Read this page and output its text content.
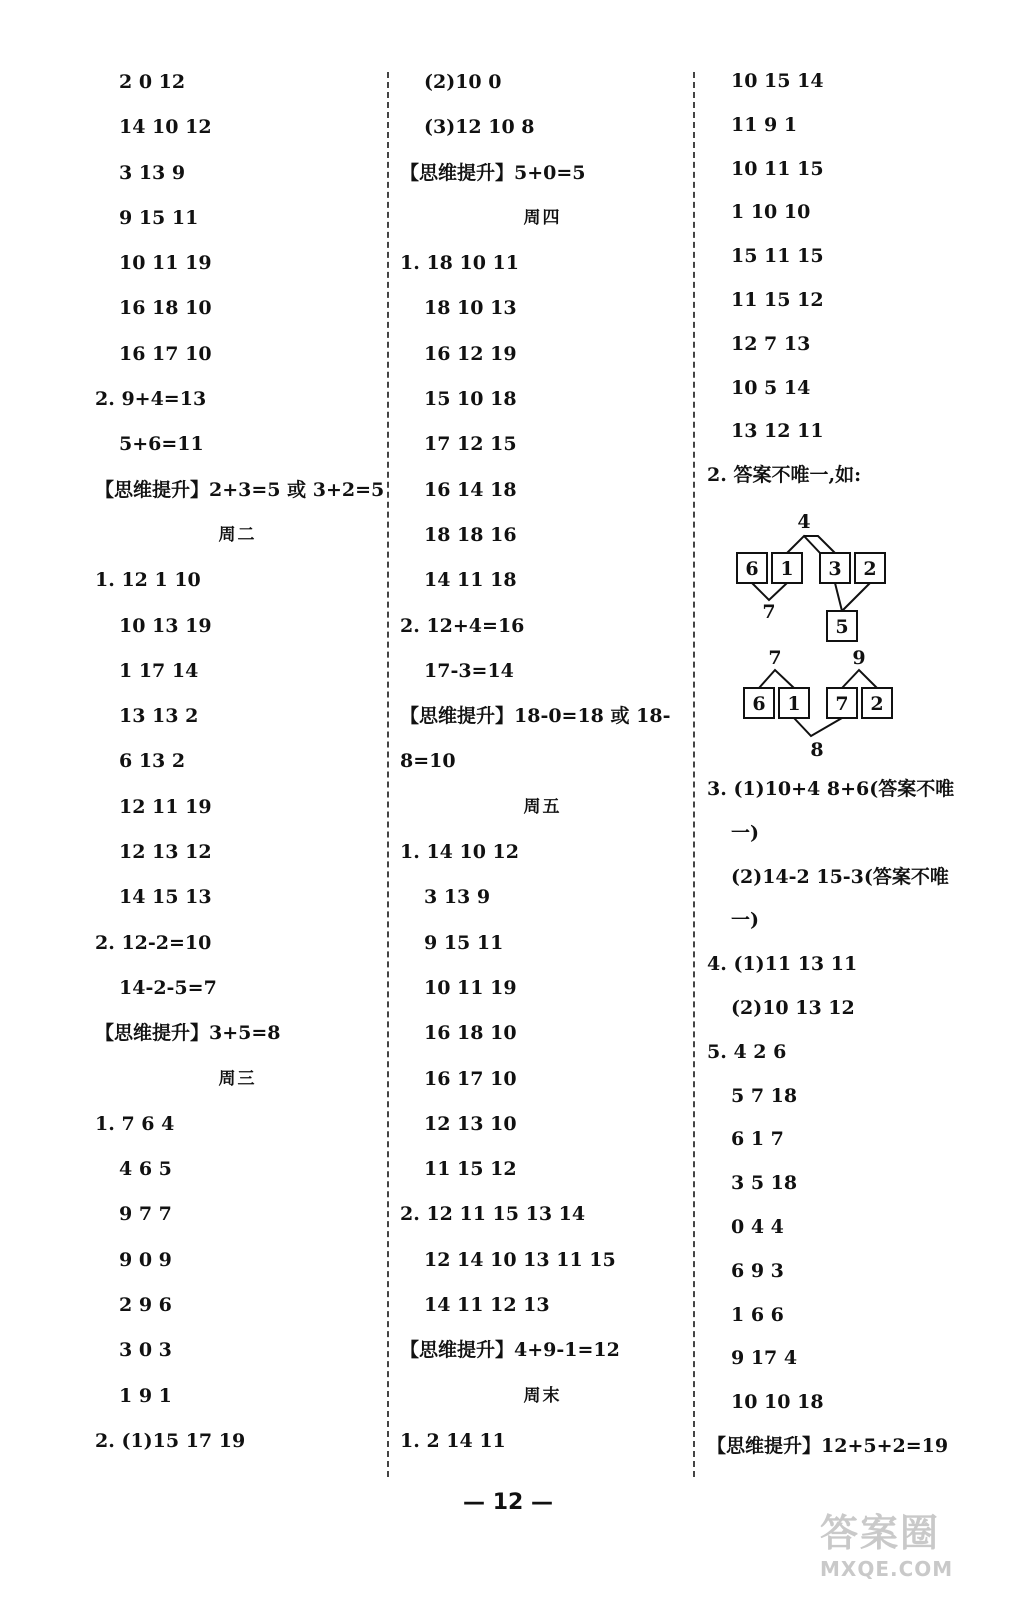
2 0 12
14 10 12
3 13 9
9 15 11
10 11 19
16 18 10
16 17 10
2. 9+4=13
5+6=11
【思维提升】2+3=5 或 3+2=5
周二
1. 12 1 10
10 13 19
1 17 14
13 13 2
6 13 2
12 11 19
12 13 12
14 15 13
2. 12-2=10
14-2-5=7
【思维提升】3+5=8
周三
1. 7 6 4
4 6 5
9 7 7
9 0 9
2 9 6
3 0 3
1 9 1
2. (1)15 17 19
(2)10 0
(3)12 10 8
【思维提升】5+0=5
周四
1. 18 10 11
18 10 13
16 12 19
15 10 18
17 12 15
16 14 18
18 18 16
14 11 18
2. 12+4=16
17-3=14
【思维提升】18-0=18 或 18-
8=10
周五
1. 14 10 12
3 13 9
9 15 11
10 11 19
16 18 10
16 17 10
12 13 10
11 15 12
2. 12 11 15 13 14
12 14 10 13 11 15
14 11 12 13
【思维提升】4+9-1=12
周末
1. 2 14 11
10 15 14
11 9 1
10 11 15
1 10 10
15 11 15
11 15 12
12 7 13
10 5 14
13 12 11
2. 答案不唯一,如:
4
6 1 3 2
7
5
7	9
6 1 7 2
8
3. (1)10+4 8+6(答案不唯
一)
(2)14-2 15-3(答案不唯
一)
4. (1)11 13 11
(2)10 13 12
5. 4 2 6
5 7 18
6 1 7
3 5 18
0 4 4
6 9 3
1 6 6
9 17 4
10 10 18
【思维提升】12+5+2=19
— 12 —
答案圈
MXQE.COM
